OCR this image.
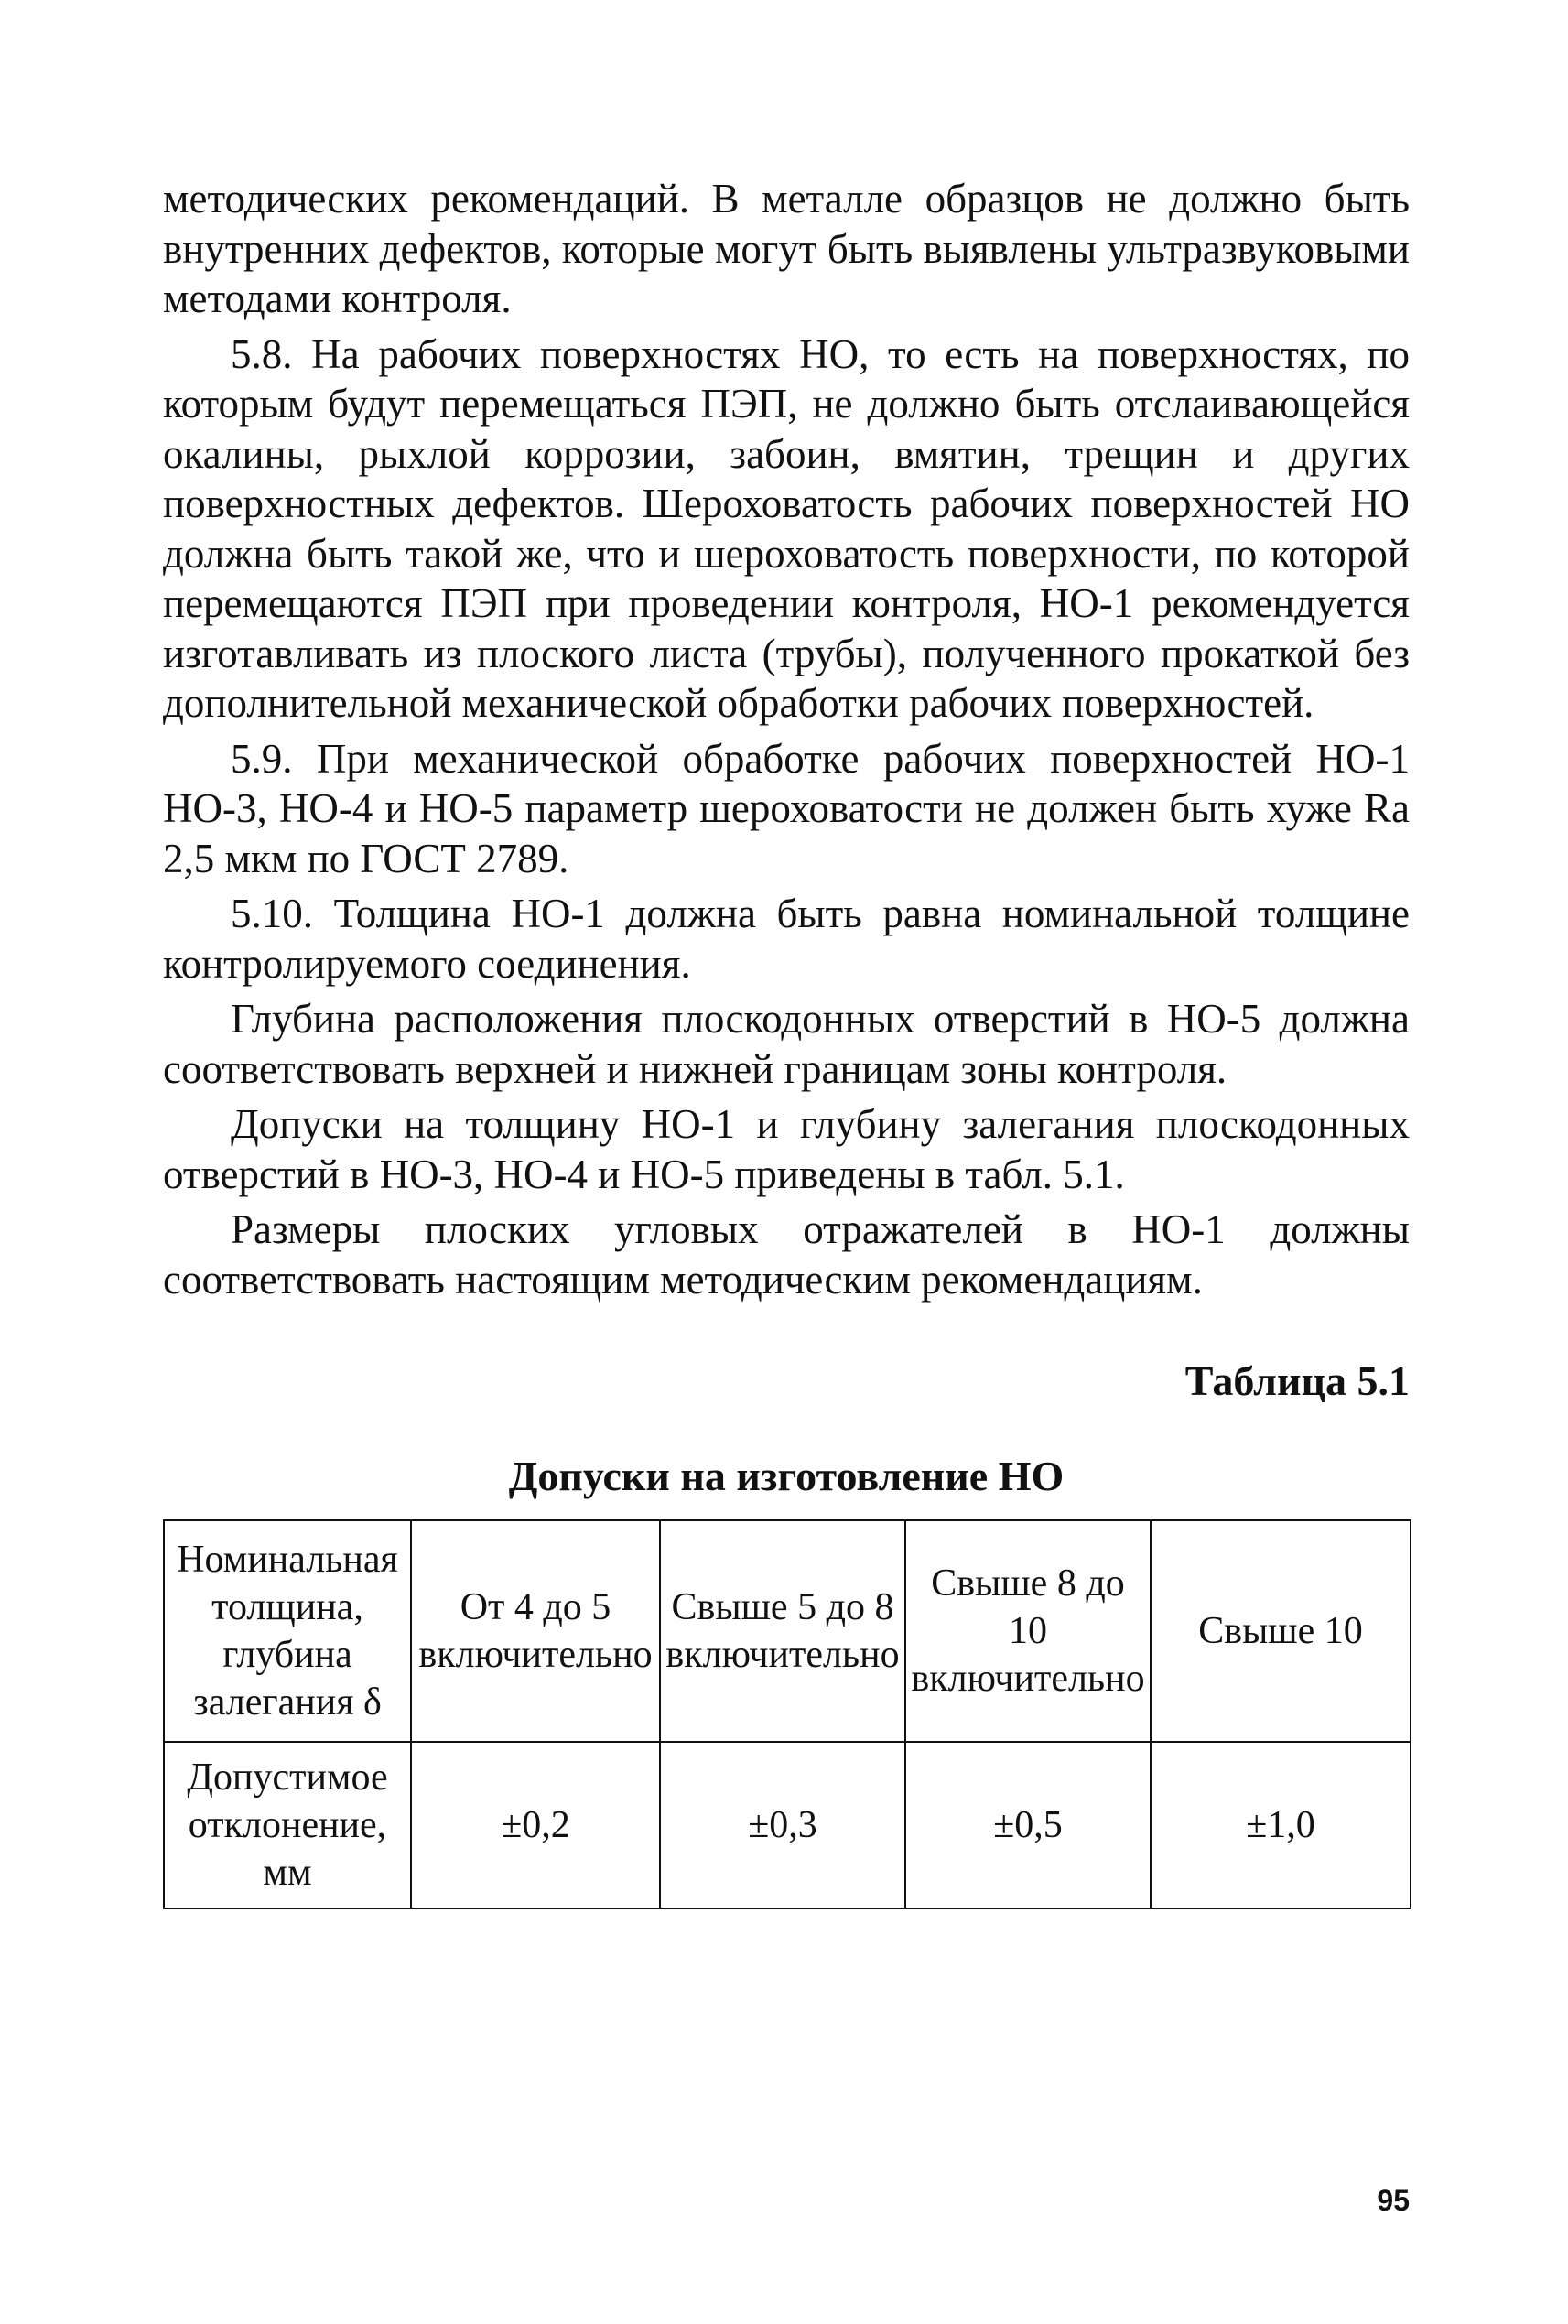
методических рекомендаций. В металле образцов не должно быть внутренних дефектов, которые могут быть выявлены ультразвуковыми методами контроля.

5.8. На рабочих поверхностях НО, то есть на поверхностях, по которым будут перемещаться ПЭП, не должно быть отслаивающейся окалины, рыхлой коррозии, забоин, вмятин, трещин и других поверхностных дефектов. Шероховатость рабочих поверхностей НО должна быть такой же, что и шероховатость поверхности, по которой перемещаются ПЭП при проведении контроля, НО-1 рекомендуется изготавливать из плоского листа (трубы), полученного прокаткой без дополнительной механической обработки рабочих поверхностей.

5.9. При механической обработке рабочих поверхностей НО-1 НО-3, НО-4 и НО-5 параметр шероховатости не должен быть хуже Ra 2,5 мкм по ГОСТ 2789.

5.10. Толщина НО-1 должна быть равна номинальной толщине контролируемого соединения.

Глубина расположения плоскодонных отверстий в НО-5 должна соответствовать верхней и нижней границам зоны контроля.

Допуски на толщину НО-1 и глубину залегания плоскодонных отверстий в НО-3, НО-4 и НО-5 приведены в табл. 5.1.

Размеры плоских угловых отражателей в НО-1 должны соответствовать настоящим методическим рекомендациям.

Таблица 5.1
Допуски на изготовление НО
Номинальная толщина, глубина залегания δ	От 4 до 5 включительно	Свыше 5 до 8 включительно	Свыше 8 до 10 включительно	Свыше 10
Допустимое отклонение, мм	±0,2	±0,3	±0,5	±1,0
95
